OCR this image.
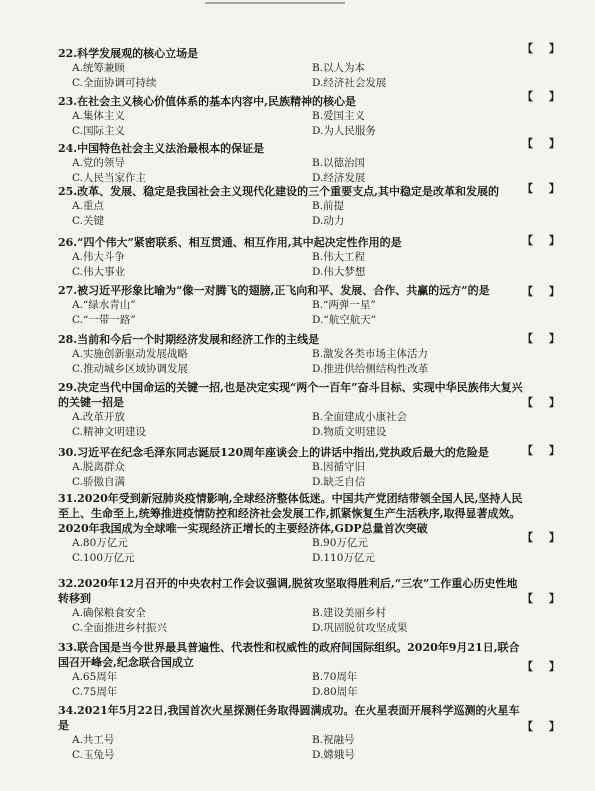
22.科学发展观的核心立场是
A.统筹兼顾	B.以人为本
C.全面协调可持续	D.经济社会发展
【 】
23.在社会主义核心价值体系的基本内容中,民族精神的核心是
A.集体主义	B.爱国主义
C.国际主义	D.为人民服务
【 】
24.中国特色社会主义法治最根本的保证是
A.党的领导	B.以德治国
C.人民当家作主	D.经济发展
【 】
25.改革、发展、稳定是我国社会主义现代化建设的三个重要支点,其中稳定是改革和发展的
A.重点	B.前提
C.关键	D.动力
【 】
26.“四个伟大”紧密联系、相互贯通、相互作用,其中起决定性作用的是
A.伟大斗争	B.伟大工程
C.伟大事业	D.伟大梦想
【 】
27.被习近平形象比喻为“像一对腾飞的翅膀,正飞向和平、发展、合作、共赢的远方”的是
A.“绿水青山”	B.“两弹一星”
C.“一带一路”	D.“航空航天”
【 】
28.当前和今后一个时期经济发展和经济工作的主线是
A.实施创新驱动发展战略	B.激发各类市场主体活力
C.推动城乡区域协调发展	D.推进供给侧结构性改革
【 】
29.决定当代中国命运的关键一招,也是决定实现“两个一百年”奋斗目标、实现中华民族伟大复兴的关键一招是
A.改革开放	B.全面建成小康社会
C.精神文明建设	D.物质文明建设
【 】
30.习近平在纪念毛泽东同志诞辰120周年座谈会上的讲话中指出,党执政后最大的危险是
A.脱离群众	B.因循守旧
C.骄傲自满	D.缺乏自信
【 】
31.2020年受到新冠肺炎疫情影响,全球经济整体低迷。中国共产党团结带领全国人民,坚持人民至上、生命至上,统筹推进疫情防控和经济社会发展工作,抓紧恢复生产生活秩序,取得显著成效。2020年我国成为全球唯一实现经济正增长的主要经济体,GDP总量首次突破
A.80万亿元	B.90万亿元
C.100万亿元	D.110万亿元
【 】
32.2020年12月召开的中央农村工作会议强调,脱贫攻坚取得胜利后,“三农”工作重心历史性地转移到
A.确保粮食安全	B.建设美丽乡村
C.全面推进乡村振兴	D.巩固脱贫攻坚成果
【 】
33.联合国是当今世界最具普遍性、代表性和权威性的政府间国际组织。2020年9月21日,联合国召开峰会,纪念联合国成立
A.65周年	B.70周年
C.75周年	D.80周年
【 】
34.2021年5月22日,我国首次火星探测任务取得圆满成功。在火星表面开展科学巡测的火星车是
A.共工号	B.祝融号
C.玉兔号	D.嫦娥号
【 】
